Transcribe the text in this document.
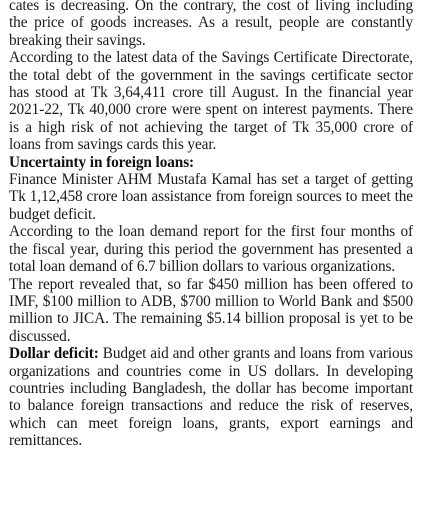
cates is decreasing. On the contrary, the cost of living including the price of goods increases. As a result, people are constantly breaking their savings.

According to the latest data of the Savings Certificate Directorate, the total debt of the government in the savings certificate sector has stood at Tk 3,64,411 crore till August. In the financial year 2021-22, Tk 40,000 crore were spent on interest payments. There is a high risk of not achieving the target of Tk 35,000 crore of loans from savings cards this year.

Uncertainty in foreign loans:

Finance Minister AHM Mustafa Kamal has set a target of getting Tk 1,12,458 crore loan assistance from foreign sources to meet the budget deficit.

According to the loan demand report for the first four months of the fiscal year, during this period the government has presented a total loan demand of 6.7 billion dollars to various organizations.

The report revealed that, so far $450 million has been offered to IMF, $100 million to ADB, $700 million to World Bank and $500 million to JICA. The remaining $5.14 billion proposal is yet to be discussed.

Dollar deficit: Budget aid and other grants and loans from various organizations and countries come in US dollars. In developing countries including Bangladesh, the dollar has become important to balance foreign transactions and reduce the risk of reserves, which can meet foreign loans, grants, export earnings and remittances.
